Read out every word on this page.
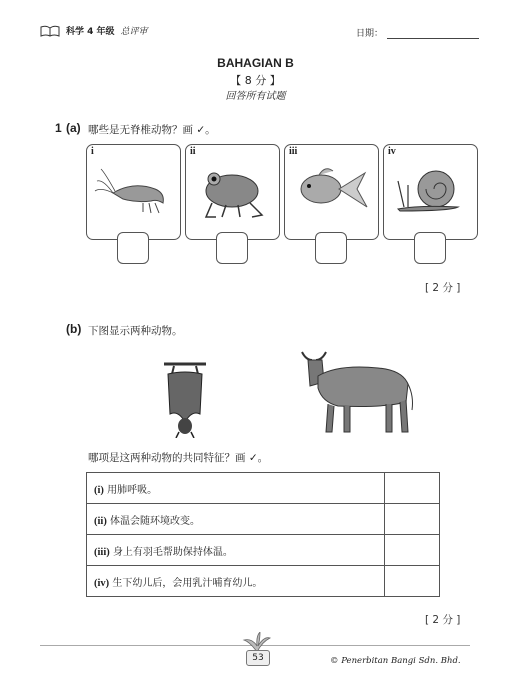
科学 4 年级 总评审	日期：
BAHAGIAN B
【 8 分 】
回答所有试题
1 (a) 哪些是无脊椎动物？画 ✓。
i	ii	iii	iv
[ 2 分 ]
(b) 下图显示两种动物。
哪项是这两种动物的共同特征？画 ✓。
(i) 用肺呼吸。	
(ii) 体温会随环境改变。	
(iii) 身上有羽毛帮助保持体温。	
(iv) 生下幼儿后，会用乳汁哺育幼儿。	
[ 2 分 ]
53	© Penerbitan Bangi Sdn. Bhd.
